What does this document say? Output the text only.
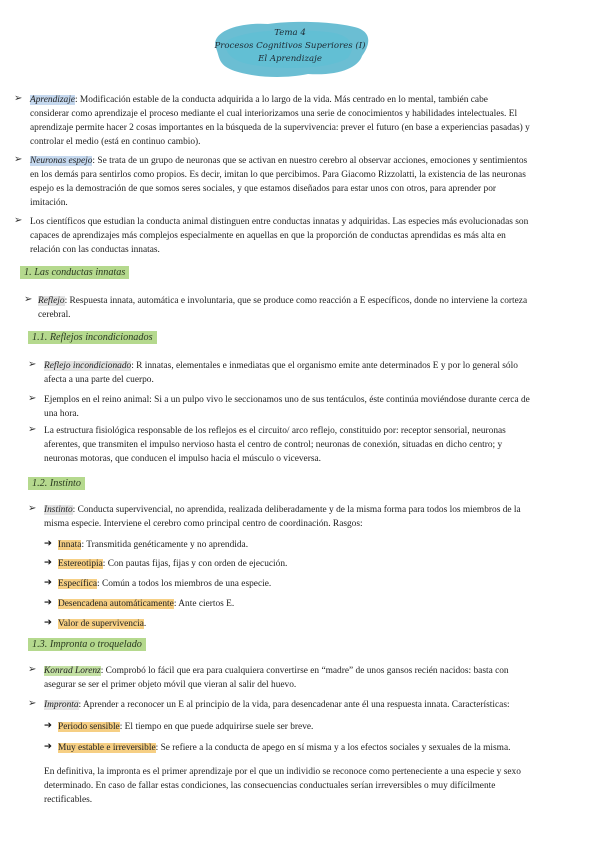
Tema 4
Procesos Cognitivos Superiores (I)
El Aprendizaje
➢ Aprendizaje: Modificación estable de la conducta adquirida a lo largo de la vida. Más centrado en lo mental, también cabe
considerar como aprendizaje el proceso mediante el cual interiorizamos una serie de conocimientos y habilidades intelectuales. El
aprendizaje permite hacer 2 cosas importantes en la búsqueda de la supervivencia: prever el futuro (en base a experiencias pasadas) y
controlar el medio (está en continuo cambio).
➢ Neuronas espejo: Se trata de un grupo de neuronas que se activan en nuestro cerebro al observar acciones, emociones y sentimientos
en los demás para sentirlos como propios. Es decir, imitan lo que percibimos. Para Giacomo Rizzolatti, la existencia de las neuronas
espejo es la demostración de que somos seres sociales, y que estamos diseñados para estar unos con otros, para aprender por
imitación.
➢ Los científicos que estudian la conducta animal distinguen entre conductas innatas y adquiridas. Las especies más evolucionadas son
capaces de aprendizajes más complejos especialmente en aquellas en que la proporción de conductas aprendidas es más alta en
relación con las conductas innatas.
1. Las conductas innatas
➢ Reflejo: Respuesta innata, automática e involuntaria, que se produce como reacción a E específicos, donde no interviene la corteza
cerebral.
1.1. Reflejos incondicionados
➢ Reflejo incondicionado: R innatas, elementales e inmediatas que el organismo emite ante determinados E y por lo general sólo
afecta a una parte del cuerpo.
➢ Ejemplos en el reino animal: Si a un pulpo vivo le seccionamos uno de sus tentáculos, éste continúa moviéndose durante cerca de
una hora.
➢ La estructura fisiológica responsable de los reflejos es el circuito/ arco reflejo, constituido por: receptor sensorial, neuronas
aferentes, que transmiten el impulso nervioso hasta el centro de control; neuronas de conexión, situadas en dicho centro; y
neuronas motoras, que conducen el impulso hacia el músculo o viceversa.
1.2. Instinto
➢ Instinto: Conducta supervivencial, no aprendida, realizada deliberadamente y de la misma forma para todos los miembros de la
misma especie. Interviene el cerebro como principal centro de coordinación. Rasgos:
➔ Innata: Transmitida genéticamente y no aprendida.
➔ Estereotipia: Con pautas fijas, fijas y con orden de ejecución.
➔ Específica: Común a todos los miembros de una especie.
➔ Desencadena automáticamente: Ante ciertos E.
➔ Valor de supervivencia.
1.3. Impronta o troquelado
➢ Konrad Lorenz: Comprobó lo fácil que era para cualquiera convertirse en “madre” de unos gansos recién nacidos: basta con
asegurar se ser el primer objeto móvil que vieran al salir del huevo.
➢ Impronta: Aprender a reconocer un E al principio de la vida, para desencadenar ante él una respuesta innata. Características:
➔ Periodo sensible: El tiempo en que puede adquirirse suele ser breve.
➔ Muy estable e irreversible: Se refiere a la conducta de apego en sí misma y a los efectos sociales y sexuales de la misma.
En definitiva, la impronta es el primer aprendizaje por el que un individio se reconoce como perteneciente a una especie y sexo
determinado. En caso de fallar estas condiciones, las consecuencias conductuales serían irreversibles o muy difícilmente
rectificables.
